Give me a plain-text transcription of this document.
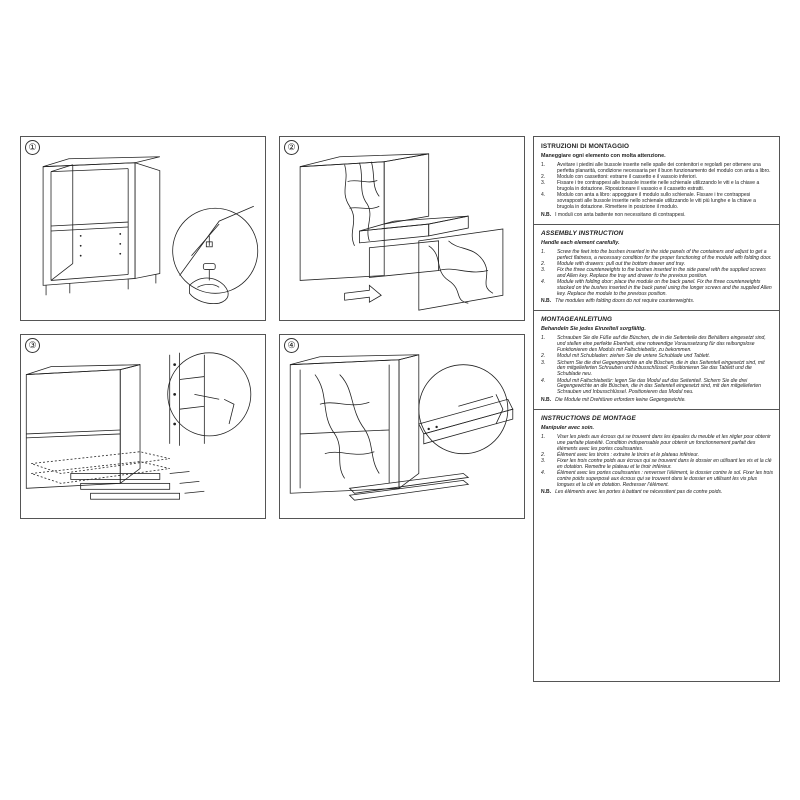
①	②
③	④
ISTRUZIONI DI MONTAGGIO
Maneggiare ogni elemento con molta attenzione.
1.	Avvitare i piedini alle bussole inserite nelle spalle dei contenitori e regolarli per ottenere una perfetta planarità, condizione necessaria per il buon funzionamento del modulo con anta a libro.
2.	Modulo con cassettoni: estrarre il cassetto e il vassoio inferiori.
3.	Fissare i tre contrappesi alle bussole inserite nelle schienale utilizzando le viti e la chiave a brugola in dotazione. Riposizionare il vassoio e il cassetto estratti.
4.	Modulo con anta a libro: appoggiare il modulo sullo schienale. Fissare i tre contrappesi sovrapposti alle bussole inserite nello schienale utilizzando le viti più lunghe e la chiave a brugola in dotazione. Rimettere in posizione il modulo.
N.B. I moduli con anta battente non necessitano di contrappesi.
ASSEMBLY INSTRUCTION
Handle each element carefully.
1.	Screw the feet into the bushes inserted in the side panels of the containers and adjust to get a perfect flatness, a necessary condition for the proper functioning of the module with folding door.
2.	Module with drawers: pull out the bottom drawer and tray.
3.	Fix the three counterweights to the bushes inserted in the side panel with the supplied screws and Allen key. Replace the tray and drawer to the previous position.
4.	Module with folding door: place the module on the back panel. Fix the three counterweights stacked on the bushes inserted in the back panel using the longer screws and the supplied Allen key. Replace the module to the previous position.
N.B. The modules with folding doors do not require counterweights.
MONTAGEANLEITUNG
Behandeln Sie jedes Einzelteil sorgfältig.
1.	Schrauben Sie die Füße auf die Büschen, die in die Seitenteile des Behälters eingesetzt sind, und stellen eine perfekte Ebenheit, eine notwendige Voraussetzung für das reibungslose Funktionieren des Moduls mit Faltschiebetür, zu bekommen.
2.	Modul mit Schubladen: ziehen Sie die untere Schublade und Tablett.
3.	Sichern Sie die drei Gegengewichte an die Büschen, die in das Seitenteil eingesetzt sind, mit den mitgelieferten Schrauben und Inbusschlüssel. Positionieren Sie das Tablett und die Schublade neu.
4.	Modul mit Faltschiebetür: legen Sie das Modul auf das Seitenteil. Sichern Sie die drei Gegengewichte an die Büschen, die in das Seitenteil eingesetzt sind, mit den mitgelieferten Schrauben und Inbusschlüssel. Positionieren das Modul neu.
N.B. Die Module mit Drehtüren erfordern keine Gegengewichte.
INSTRUCTIONS DE MONTAGE
Manipuler avec soin.
1.	Viser les pieds aux écrous qui se trouvent dans les épaules du meuble et les régler pour obtenir une parfaite planéité. Condition indispensable pour obtenir un fonctionnement parfait des éléments avec les portes coulissantes.
2.	Élément avec les tiroirs : extraire le tiroirs et le plateau inférieur.
3.	Fixer les trois contre poids aux écrous qui se trouvent dans le dossier en utilisant les vis et la clé en dotation. Remettre le plateau et le tiroir inférieur.
4.	Élément avec les portes coulissantes : renverser l’élément, le dossier contre le sol. Fixer les trois contre poids superposé aux écrous qui se trouvent dans le dossier en utilisant les vis plus longues et la clé en dotation. Redresser l’élément.
N.B. Les éléments avec les portes à battant ne nécessitent pas de contre poids.
